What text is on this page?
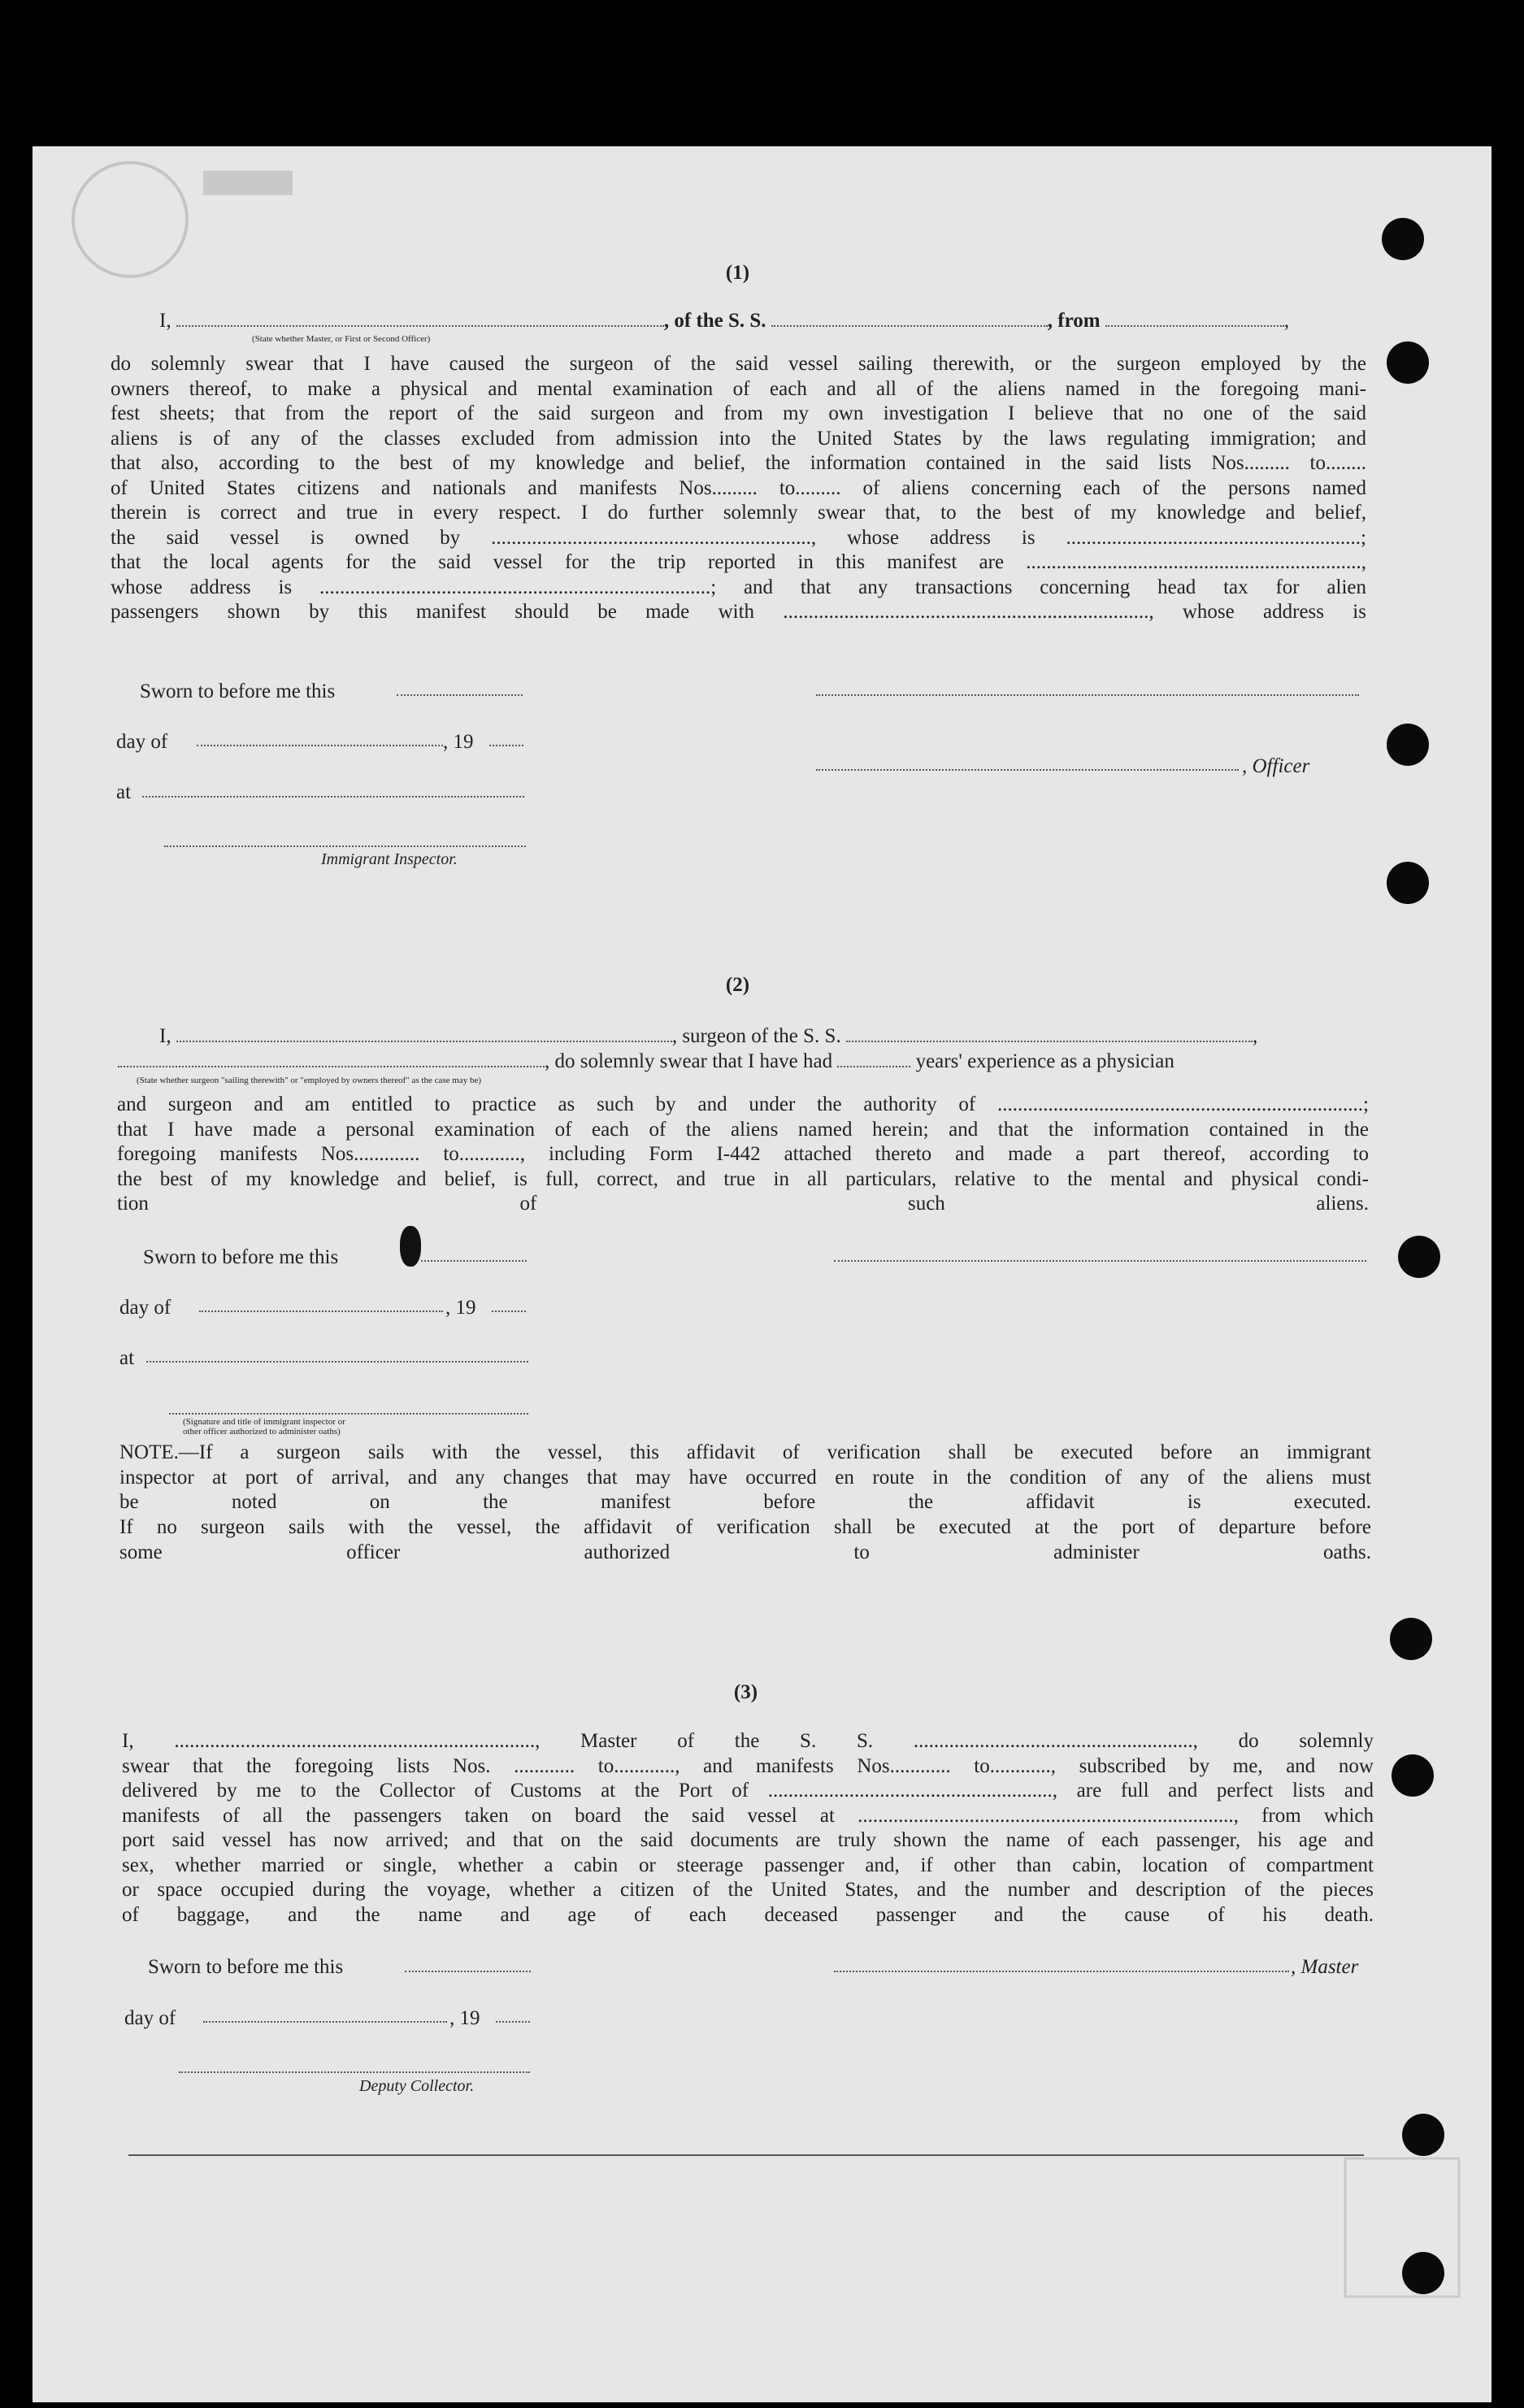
(1)
I,	, of the S. S.	, from	,
(State whether Master, or First or Second Officer)
do solemnly swear that I have caused the surgeon of the said vessel sailing therewith, or the surgeon employed by the
owners thereof, to make a physical and mental examination of each and all of the aliens named in the foregoing mani-
fest sheets; that from the report of the said surgeon and from my own investigation I believe that no one of the said
aliens is of any of the classes excluded from admission into the United States by the laws regulating immigration; and
that also, according to the best of my knowledge and belief, the information contained in the said lists Nos......... to........
of United States citizens and nationals and manifests Nos......... to......... of aliens concerning each of the persons named
therein is correct and true in every respect. I do further solemnly swear that, to the best of my knowledge and belief,
the said vessel is owned by ..............................................................., whose address is ..........................................................;
that the local agents for the said vessel for the trip reported in this manifest are ..................................................................,
whose address is .............................................................................; and that any transactions concerning head tax for alien
passengers shown by this manifest should be made with ........................................................................, whose address is
Sworn to before me this
day of	, 19
, Officer
at
Immigrant Inspector.
(2)
I,	, surgeon of the S. S.	,
, do solemnly swear that I have had	years' experience as a physician
(State whether surgeon "sailing therewith" or "employed by owners thereof" as the case may be)
and surgeon and am entitled to practice as such by and under the authority of ........................................................................;
that I have made a personal examination of each of the aliens named herein; and that the information contained in the
foregoing manifests Nos............. to............, including Form I-442 attached thereto and made a part thereof, according to
the best of my knowledge and belief, is full, correct, and true in all particulars, relative to the mental and physical condi-
tion of such aliens.
Sworn to before me this
day of	, 19
at
(Signature and title of immigrant inspector or
other officer authorized to administer oaths)
NOTE.—If a surgeon sails with the vessel, this affidavit of verification shall be executed before an immigrant
inspector at port of arrival, and any changes that may have occurred en route in the condition of any of the aliens must
be noted on the manifest before the affidavit is executed.
If no surgeon sails with the vessel, the affidavit of verification shall be executed at the port of departure before
some officer authorized to administer oaths.
(3)
I, ......................................................................., Master of the S. S. ......................................................., do solemnly
swear that the foregoing lists Nos. ............ to............, and manifests Nos............ to............, subscribed by me, and now
delivered by me to the Collector of Customs at the Port of ........................................................, are full and perfect lists and
manifests of all the passengers taken on board the said vessel at .........................................................................., from which
port said vessel has now arrived; and that on the said documents are truly shown the name of each passenger, his age and
sex, whether married or single, whether a cabin or steerage passenger and, if other than cabin, location of compartment
or space occupied during the voyage, whether a citizen of the United States, and the number and description of the pieces
of baggage, and the name and age of each deceased passenger and the cause of his death.
Sworn to before me this	, Master
day of	, 19
Deputy Collector.
